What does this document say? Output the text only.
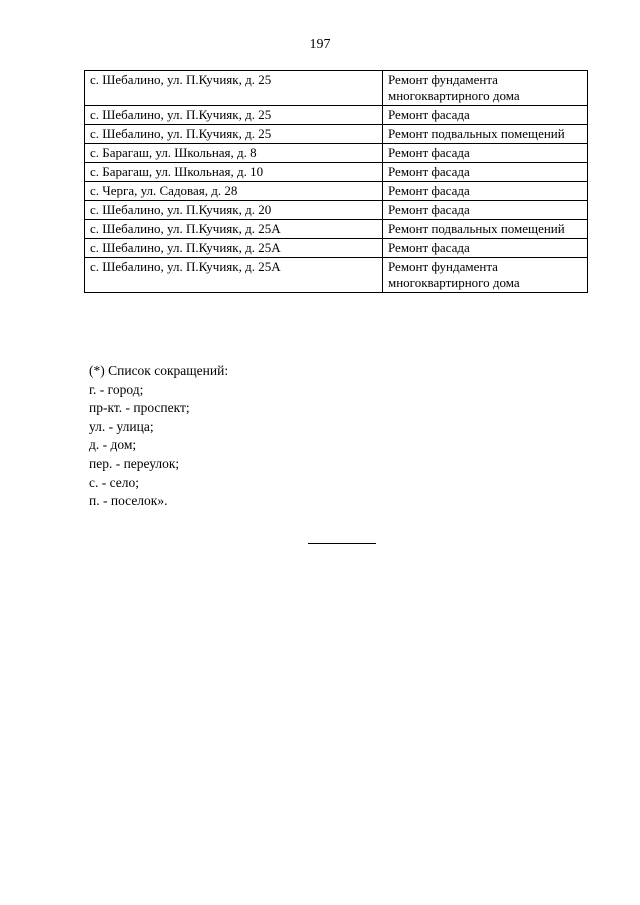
197
с. Шебалино, ул. П.Кучияк, д. 25	Ремонт фундамента многоквартирного дома
с. Шебалино, ул. П.Кучияк, д. 25	Ремонт фасада
с. Шебалино, ул. П.Кучияк, д. 25	Ремонт подвальных помещений
с. Барагаш, ул. Школьная, д. 8	Ремонт фасада
с. Барагаш, ул. Школьная, д. 10	Ремонт фасада
с. Черга, ул. Садовая, д. 28	Ремонт фасада
с. Шебалино, ул. П.Кучияк, д. 20	Ремонт фасада
с. Шебалино, ул. П.Кучияк, д. 25А	Ремонт подвальных помещений
с. Шебалино, ул. П.Кучияк, д. 25А	Ремонт фасада
с. Шебалино, ул. П.Кучияк, д. 25А	Ремонт фундамента многоквартирного дома
(*) Список сокращений:
г. - город;
пр-кт. - проспект;
ул. - улица;
д. - дом;
пер. - переулок;
с. - село;
п. - поселок».
